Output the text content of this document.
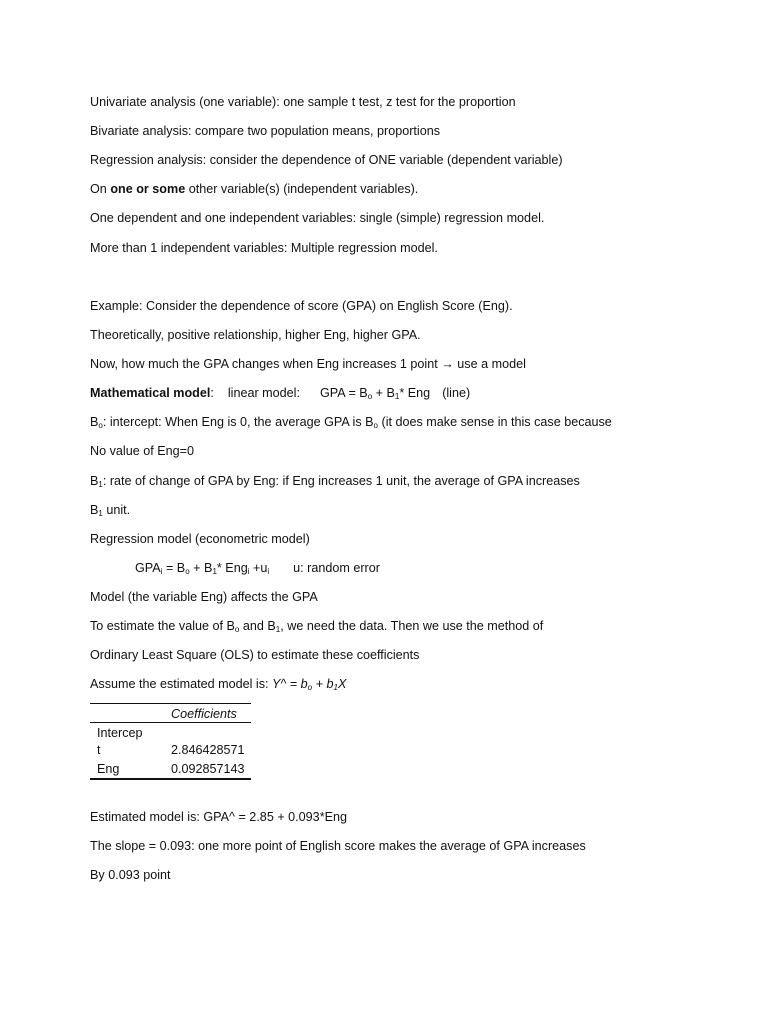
Univariate analysis (one variable): one sample t test, z test for the proportion
Bivariate analysis: compare two population means, proportions
Regression analysis: consider the dependence of ONE variable (dependent variable)
On one or some other variable(s) (independent variables).
One dependent and one independent variables: single (simple) regression model.
More than 1 independent variables: Multiple regression model.
Example: Consider the dependence of score (GPA) on English Score (Eng).
Theoretically, positive relationship, higher Eng, higher GPA.
Now, how much the GPA changes when Eng increases 1 point → use a model
Mathematical model: linear model: GPA = $B_o + B_1*$ Eng (line)
$B_o$: intercept: When Eng is 0, the average GPA is $B_o$ (it does make sense in this case because
No value of Eng=0
$B_1$: rate of change of GPA by Eng: if Eng increases 1 unit, the average of GPA increases
$B_1$ unit.
Regression model (econometric model)
$GPA_i = B_o + B_1*$ $Eng_i +u_i$ u: random error
Model (the variable Eng) affects the GPA
To estimate the value of $B_o$ and $B_1$, we need the data. Then we use the method of
Ordinary Least Square (OLS) to estimate these coefficients
Assume the estimated model is: Y^ = $b_o + b_1X$
Coefficients
Intercep
t	2.846428571
Eng	0.092857143
Estimated model is: GPA^ = 2.85 + 0.093*Eng
The slope = 0.093: one more point of English score makes the average of GPA increases
By 0.093 point
